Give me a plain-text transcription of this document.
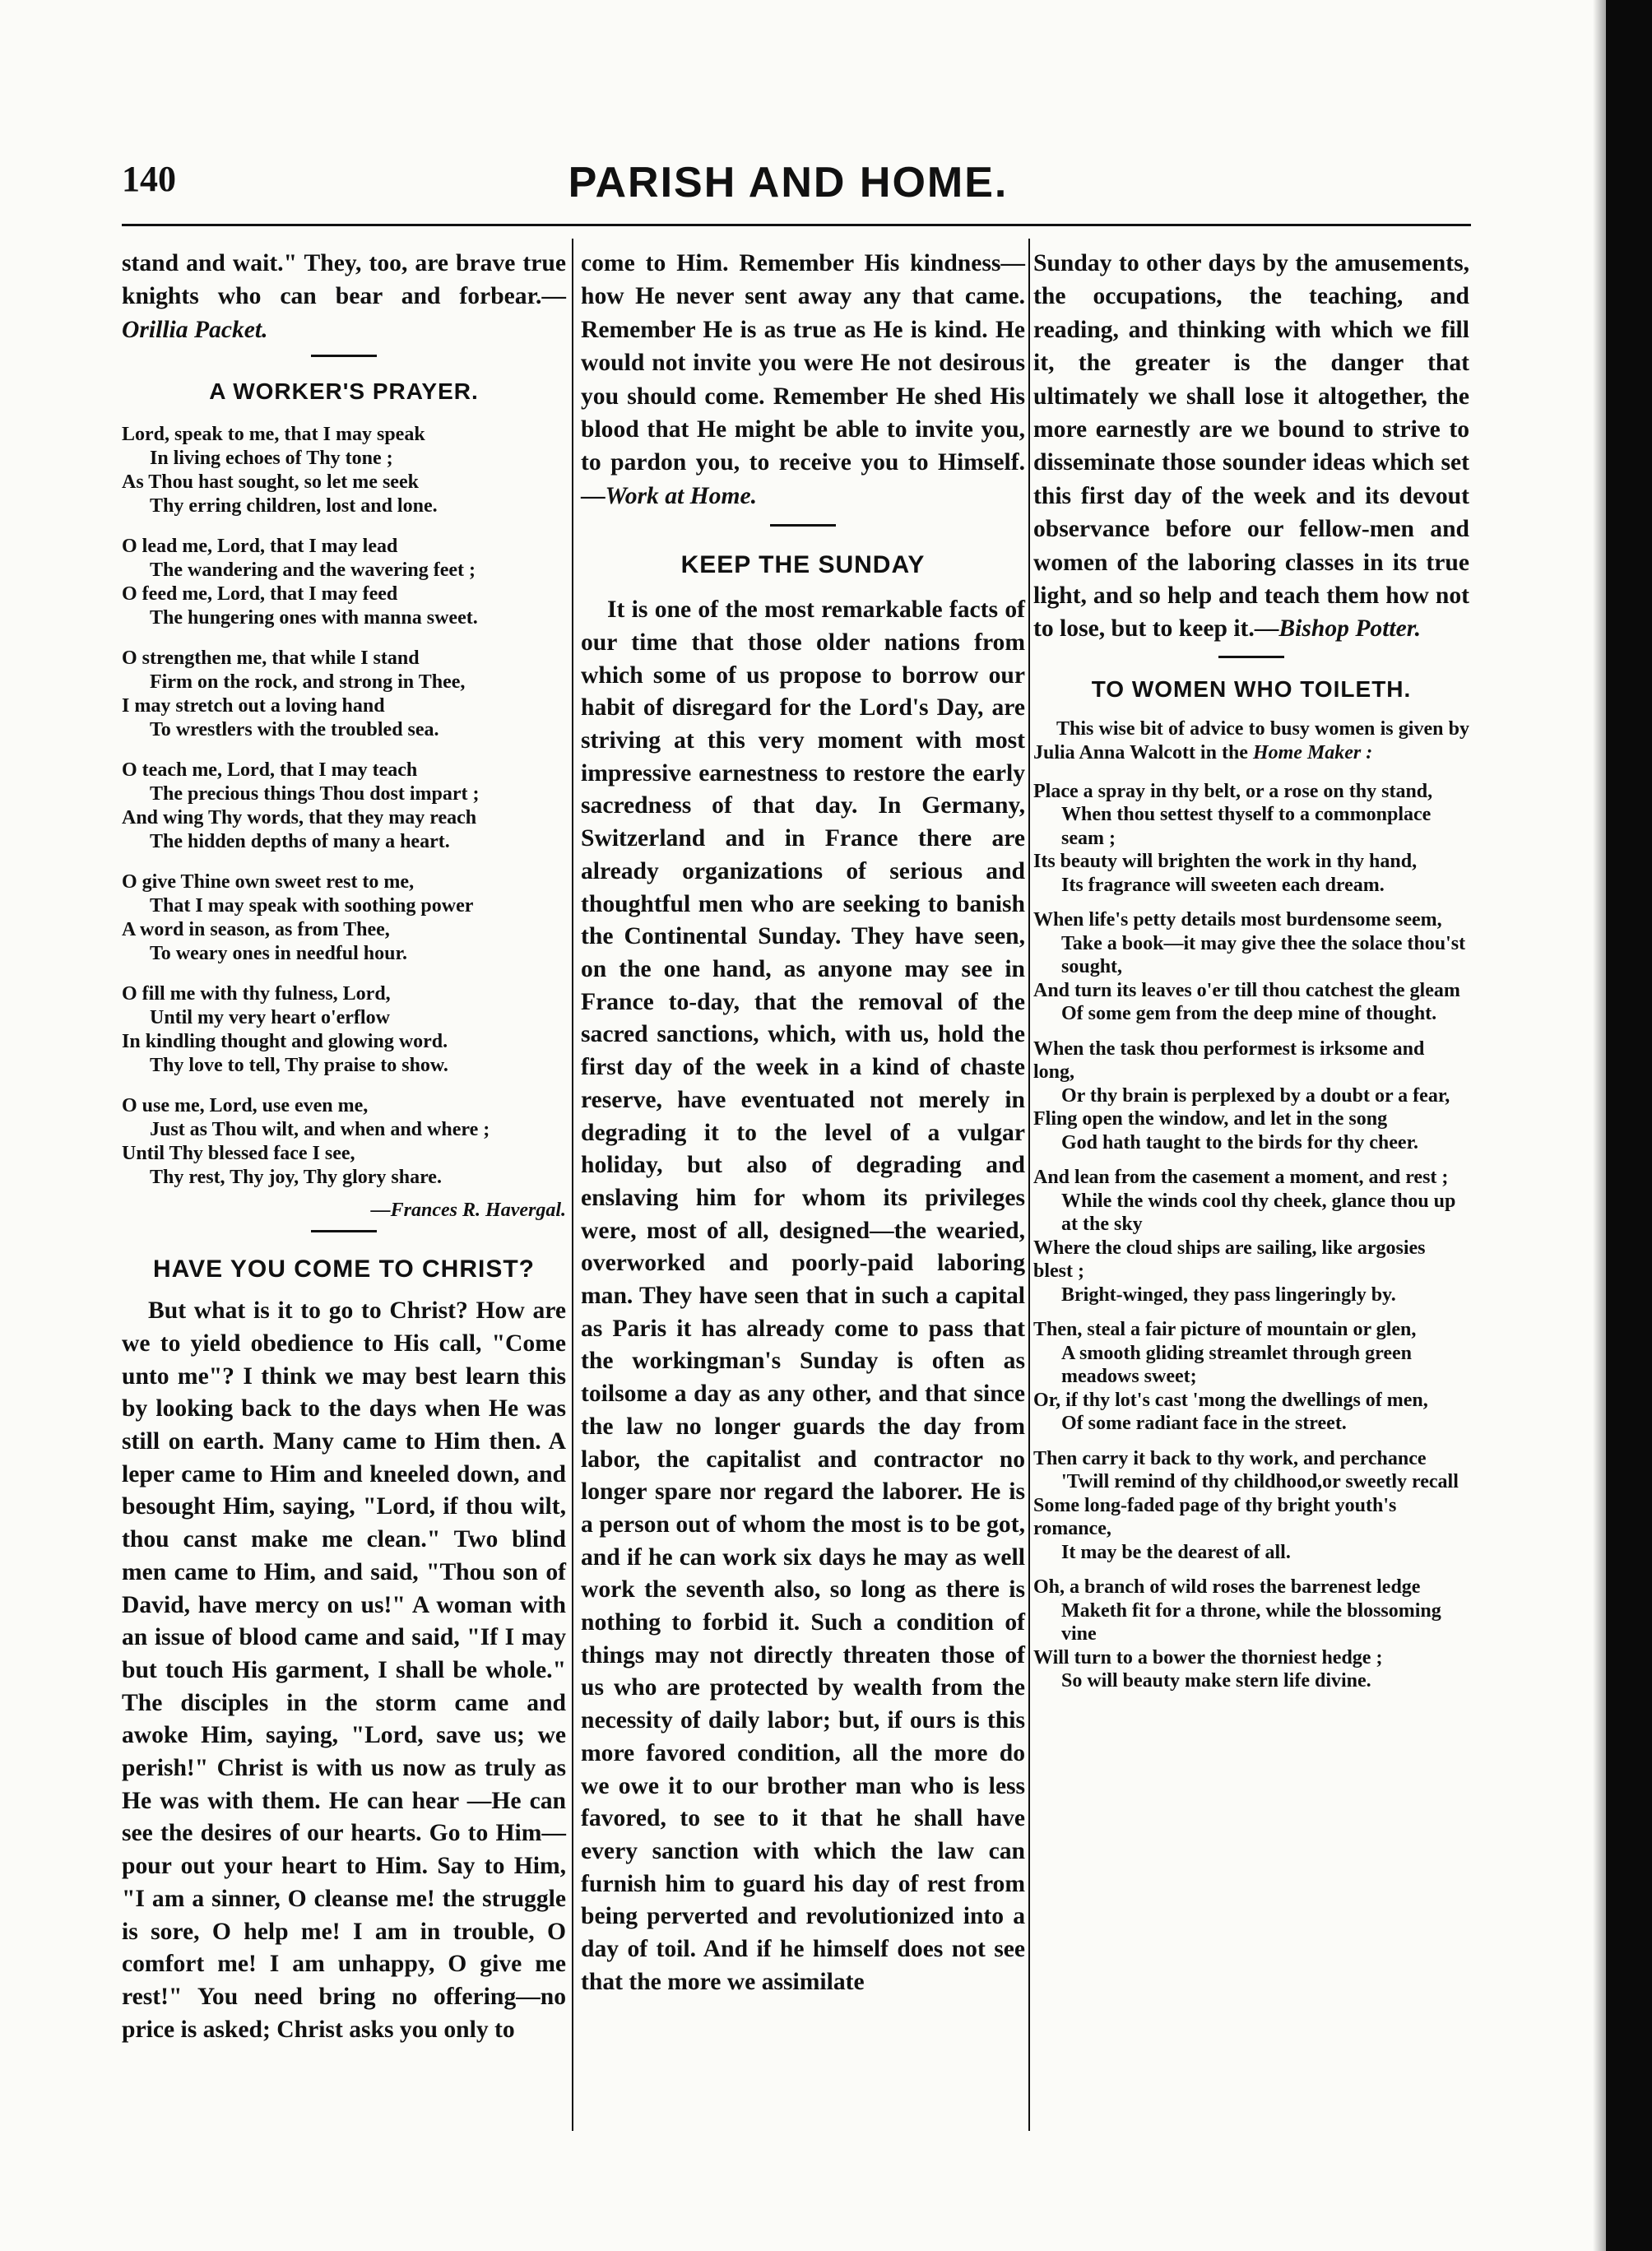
140	PARISH AND HOME.

stand and wait." They, too, are brave true knights who can bear and forbear.—Orillia Packet.

A WORKER'S PRAYER.
Lord, speak to me, that I may speak
In living echoes of Thy tone ;
As Thou hast sought, so let me seek
Thy erring children, lost and lone.
O lead me, Lord, that I may lead
The wandering and the wavering feet ;
O feed me, Lord, that I may feed
The hungering ones with manna sweet.
O strengthen me, that while I stand
Firm on the rock, and strong in Thee,
I may stretch out a loving hand
To wrestlers with the troubled sea.
O teach me, Lord, that I may teach
The precious things Thou dost impart ;
And wing Thy words, that they may reach
The hidden depths of many a heart.
O give Thine own sweet rest to me,
That I may speak with soothing power
A word in season, as from Thee,
To weary ones in needful hour.
O fill me with thy fulness, Lord,
Until my very heart o'erflow
In kindling thought and glowing word.
Thy love to tell, Thy praise to show.
O use me, Lord, use even me,
Just as Thou wilt, and when and where ;
Until Thy blessed face I see,
Thy rest, Thy joy, Thy glory share.
—Frances R. Havergal.
HAVE YOU COME TO CHRIST?

But what is it to go to Christ? How are we to yield obedience to His call, "Come unto me"? I think we may best learn this by looking back to the days when He was still on earth. Many came to Him then. A leper came to Him and kneeled down, and besought Him, saying, "Lord, if thou wilt, thou canst make me clean." Two blind men came to Him, and said, "Thou son of David, have mercy on us!" A woman with an issue of blood came and said, "If I may but touch His garment, I shall be whole." The disciples in the storm came and awoke Him, saying, "Lord, save us; we perish!" Christ is with us now as truly as He was with them. He can hear —He can see the desires of our hearts. Go to Him—pour out your heart to Him. Say to Him, "I am a sinner, O cleanse me! the struggle is sore, O help me! I am in trouble, O comfort me! I am unhappy, O give me rest!" You need bring no offering—no price is asked; Christ asks you only to

come to Him. Remember His kindness—how He never sent away any that came. Remember He is as true as He is kind. He would not invite you were He not desirous you should come. Remember He shed His blood that He might be able to invite you, to pardon you, to receive you to Himself.—Work at Home.

KEEP THE SUNDAY

It is one of the most remarkable facts of our time that those older nations from which some of us propose to borrow our habit of disregard for the Lord's Day, are striving at this very moment with most impressive earnestness to restore the early sacredness of that day. In Germany, Switzerland and in France there are already organizations of serious and thoughtful men who are seeking to banish the Continental Sunday. They have seen, on the one hand, as anyone may see in France to-day, that the removal of the sacred sanctions, which, with us, hold the first day of the week in a kind of chaste reserve, have eventuated not merely in degrading it to the level of a vulgar holiday, but also of degrading and enslaving him for whom its privileges were, most of all, designed—the wearied, overworked and poorly-paid laboring man. They have seen that in such a capital as Paris it has already come to pass that the workingman's Sunday is often as toilsome a day as any other, and that since the law no longer guards the day from labor, the capitalist and contractor no longer spare nor regard the laborer. He is a person out of whom the most is to be got, and if he can work six days he may as well work the seventh also, so long as there is nothing to forbid it. Such a condition of things may not directly threaten those of us who are protected by wealth from the necessity of daily labor; but, if ours is this more favored condition, all the more do we owe it to our brother man who is less favored, to see to it that he shall have every sanction with which the law can furnish him to guard his day of rest from being perverted and revolutionized into a day of toil. And if he himself does not see that the more we assimilate

Sunday to other days by the amusements, the occupations, the teaching, and reading, and thinking with which we fill it, the greater is the danger that ultimately we shall lose it altogether, the more earnestly are we bound to strive to disseminate those sounder ideas which set this first day of the week and its devout observance before our fellow-men and women of the laboring classes in its true light, and so help and teach them how not to lose, but to keep it.—Bishop Potter.

TO WOMEN WHO TOILETH.

This wise bit of advice to busy women is given by Julia Anna Walcott in the Home Maker :

Place a spray in thy belt, or a rose on thy stand,
When thou settest thyself to a commonplace seam ;
Its beauty will brighten the work in thy hand,
Its fragrance will sweeten each dream.
When life's petty details most burdensome seem,
Take a book—it may give thee the solace thou'st sought,
And turn its leaves o'er till thou catchest the gleam
Of some gem from the deep mine of thought.
When the task thou performest is irksome and long,
Or thy brain is perplexed by a doubt or a fear,
Fling open the window, and let in the song
God hath taught to the birds for thy cheer.
And lean from the casement a moment, and rest ;
While the winds cool thy cheek, glance thou up at the sky
Where the cloud ships are sailing, like argosies blest ;
Bright-winged, they pass lingeringly by.
Then, steal a fair picture of mountain or glen,
A smooth gliding streamlet through green meadows sweet;
Or, if thy lot's cast 'mong the dwellings of men,
Of some radiant face in the street.
Then carry it back to thy work, and perchance
'Twill remind of thy childhood,or sweetly recall
Some long-faded page of thy bright youth's romance,
It may be the dearest of all.
Oh, a branch of wild roses the barrenest ledge
Maketh fit for a throne, while the blossoming vine
Will turn to a bower the thorniest hedge ;
So will beauty make stern life divine.
